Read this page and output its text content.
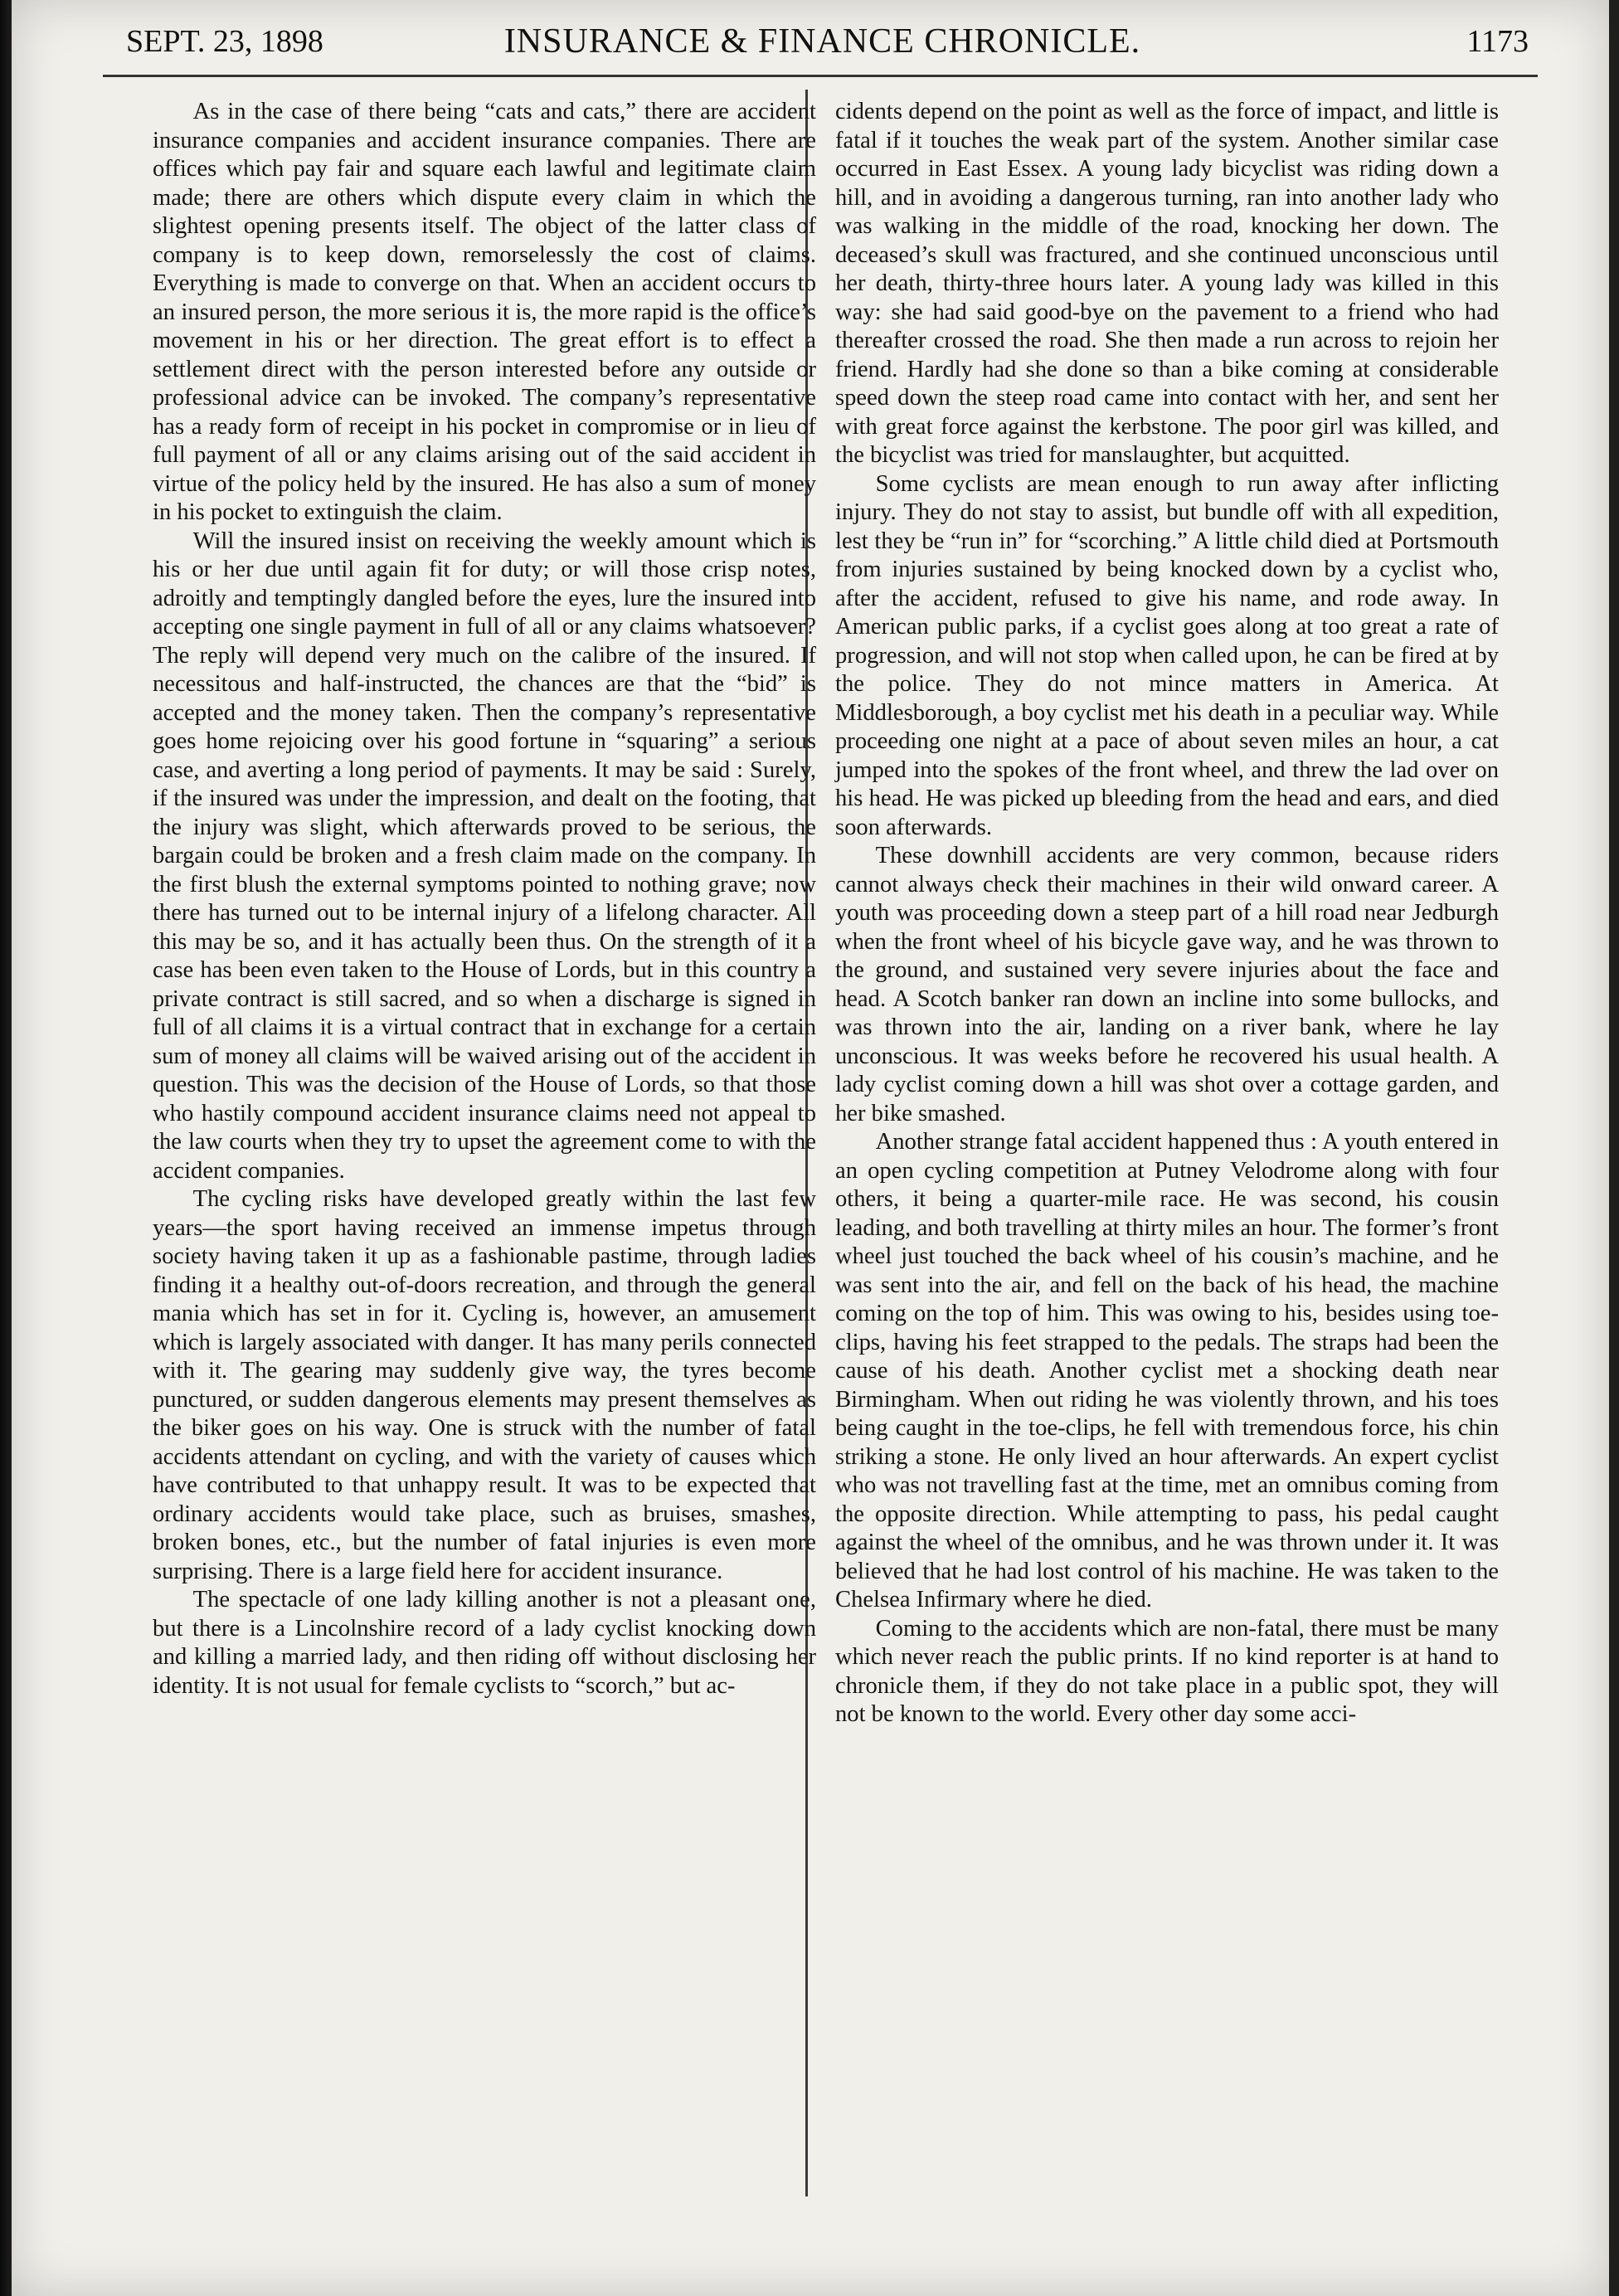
SEPT. 23, 1898	INSURANCE & FINANCE CHRONICLE.	1173

As in the case of there being “cats and cats,” there are accident insurance companies and accident insurance companies. There are offices which pay fair and square each lawful and legitimate claim made; there are others which dispute every claim in which the slightest opening presents itself. The object of the latter class of company is to keep down, remorselessly the cost of claims. Everything is made to converge on that. When an accident occurs to an insured person, the more serious it is, the more rapid is the office’s movement in his or her direction. The great effort is to effect a settlement direct with the person interested before any outside or professional advice can be invoked. The company’s representative has a ready form of receipt in his pocket in compromise or in lieu of full payment of all or any claims arising out of the said accident in virtue of the policy held by the insured. He has also a sum of money in his pocket to extinguish the claim.

Will the insured insist on receiving the weekly amount which is his or her due until again fit for duty; or will those crisp notes, adroitly and temptingly dangled before the eyes, lure the insured into accepting one single payment in full of all or any claims whatsoever? The reply will depend very much on the calibre of the insured. If necessitous and half-instructed, the chances are that the “bid” is accepted and the money taken. Then the company’s representative goes home rejoicing over his good fortune in “squaring” a serious case, and averting a long period of payments. It may be said : Surely, if the insured was under the impression, and dealt on the footing, that the injury was slight, which afterwards proved to be serious, the bargain could be broken and a fresh claim made on the company. In the first blush the external symptoms pointed to nothing grave; now there has turned out to be internal injury of a lifelong character. All this may be so, and it has actually been thus. On the strength of it a case has been even taken to the House of Lords, but in this country a private contract is still sacred, and so when a discharge is signed in full of all claims it is a virtual contract that in exchange for a certain sum of money all claims will be waived arising out of the accident in question. This was the decision of the House of Lords, so that those who hastily compound accident insurance claims need not appeal to the law courts when they try to upset the agreement come to with the accident companies.

The cycling risks have developed greatly within the last few years—the sport having received an immense impetus through society having taken it up as a fashionable pastime, through ladies finding it a healthy out-of-doors recreation, and through the general mania which has set in for it. Cycling is, however, an amusement which is largely associated with danger. It has many perils connected with it. The gearing may suddenly give way, the tyres become punctured, or sudden dangerous elements may present themselves as the biker goes on his way. One is struck with the number of fatal accidents attendant on cycling, and with the variety of causes which have contributed to that unhappy result. It was to be expected that ordinary accidents would take place, such as bruises, smashes, broken bones, etc., but the number of fatal injuries is even more surprising. There is a large field here for accident insurance.

The spectacle of one lady killing another is not a pleasant one, but there is a Lincolnshire record of a lady cyclist knocking down and killing a married lady, and then riding off without disclosing her identity. It is not usual for female cyclists to “scorch,” but ac-

cidents depend on the point as well as the force of impact, and little is fatal if it touches the weak part of the system. Another similar case occurred in East Essex. A young lady bicyclist was riding down a hill, and in avoiding a dangerous turning, ran into another lady who was walking in the middle of the road, knocking her down. The deceased’s skull was fractured, and she continued unconscious until her death, thirty-three hours later. A young lady was killed in this way: she had said good-bye on the pavement to a friend who had thereafter crossed the road. She then made a run across to rejoin her friend. Hardly had she done so than a bike coming at considerable speed down the steep road came into contact with her, and sent her with great force against the kerbstone. The poor girl was killed, and the bicyclist was tried for manslaughter, but acquitted.

Some cyclists are mean enough to run away after inflicting injury. They do not stay to assist, but bundle off with all expedition, lest they be “run in” for “scorching.” A little child died at Portsmouth from injuries sustained by being knocked down by a cyclist who, after the accident, refused to give his name, and rode away. In American public parks, if a cyclist goes along at too great a rate of progression, and will not stop when called upon, he can be fired at by the police. They do not mince matters in America. At Middlesborough, a boy cyclist met his death in a peculiar way. While proceeding one night at a pace of about seven miles an hour, a cat jumped into the spokes of the front wheel, and threw the lad over on his head. He was picked up bleeding from the head and ears, and died soon afterwards.

These downhill accidents are very common, because riders cannot always check their machines in their wild onward career. A youth was proceeding down a steep part of a hill road near Jedburgh when the front wheel of his bicycle gave way, and he was thrown to the ground, and sustained very severe injuries about the face and head. A Scotch banker ran down an incline into some bullocks, and was thrown into the air, landing on a river bank, where he lay unconscious. It was weeks before he recovered his usual health. A lady cyclist coming down a hill was shot over a cottage garden, and her bike smashed.

Another strange fatal accident happened thus : A youth entered in an open cycling competition at Putney Velodrome along with four others, it being a quarter-mile race. He was second, his cousin leading, and both travelling at thirty miles an hour. The former’s front wheel just touched the back wheel of his cousin’s machine, and he was sent into the air, and fell on the back of his head, the machine coming on the top of him. This was owing to his, besides using toe-clips, having his feet strapped to the pedals. The straps had been the cause of his death. Another cyclist met a shocking death near Birmingham. When out riding he was violently thrown, and his toes being caught in the toe-clips, he fell with tremendous force, his chin striking a stone. He only lived an hour afterwards. An expert cyclist who was not travelling fast at the time, met an omnibus coming from the opposite direction. While attempting to pass, his pedal caught against the wheel of the omnibus, and he was thrown under it. It was believed that he had lost control of his machine. He was taken to the Chelsea Infirmary where he died.

Coming to the accidents which are non-fatal, there must be many which never reach the public prints. If no kind reporter is at hand to chronicle them, if they do not take place in a public spot, they will not be known to the world. Every other day some acci-
